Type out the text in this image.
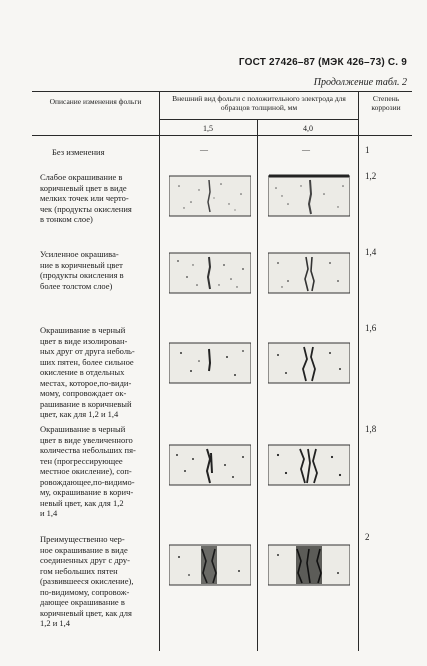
ГОСТ 27426–87 (МЭК 426–73) С. 9
Продолжение табл. 2
Описание изменения фольги	Внешний вид фольги с положительного электрода для образцов толщиной, мм
Степень коррозии
1,5	4,0
Без изменения	—	—	1
Слабое окрашивание в
коричневый цвет в виде
мелких точек или черто-
чек (продукты окисления
в тонком слое)
1,2
Усиленное окрашива-
ние в коричневый цвет
(продукты окисления в
более толстом слое)
1,4
Окрашивание в черный
цвет в виде изолирован-
ных друг от друга неболь-
ших пятен, более сильное
окисление в отдельных
местах, которое,по-види-
мому, сопровождает ок-
рашивание в коричневый
цвет, как для 1,2 и 1,4
1,6
Окрашивание в черный
цвет в виде увеличенного
количества небольших пя-
тен (прогрессирующее
местное окисление), соп-
ровождающее,по-видимо-
му, окрашивание в корич-
невый цвет, как для 1,2
и 1,4
1,8
Преимущественно чер-
ное окрашивание в виде
соединенных друг с дру-
гом небольших пятен
(развившееся окисление),
по-видимому, сопровож-
дающее окрашивание в
коричневый цвет, как для
1,2 и 1,4
2
